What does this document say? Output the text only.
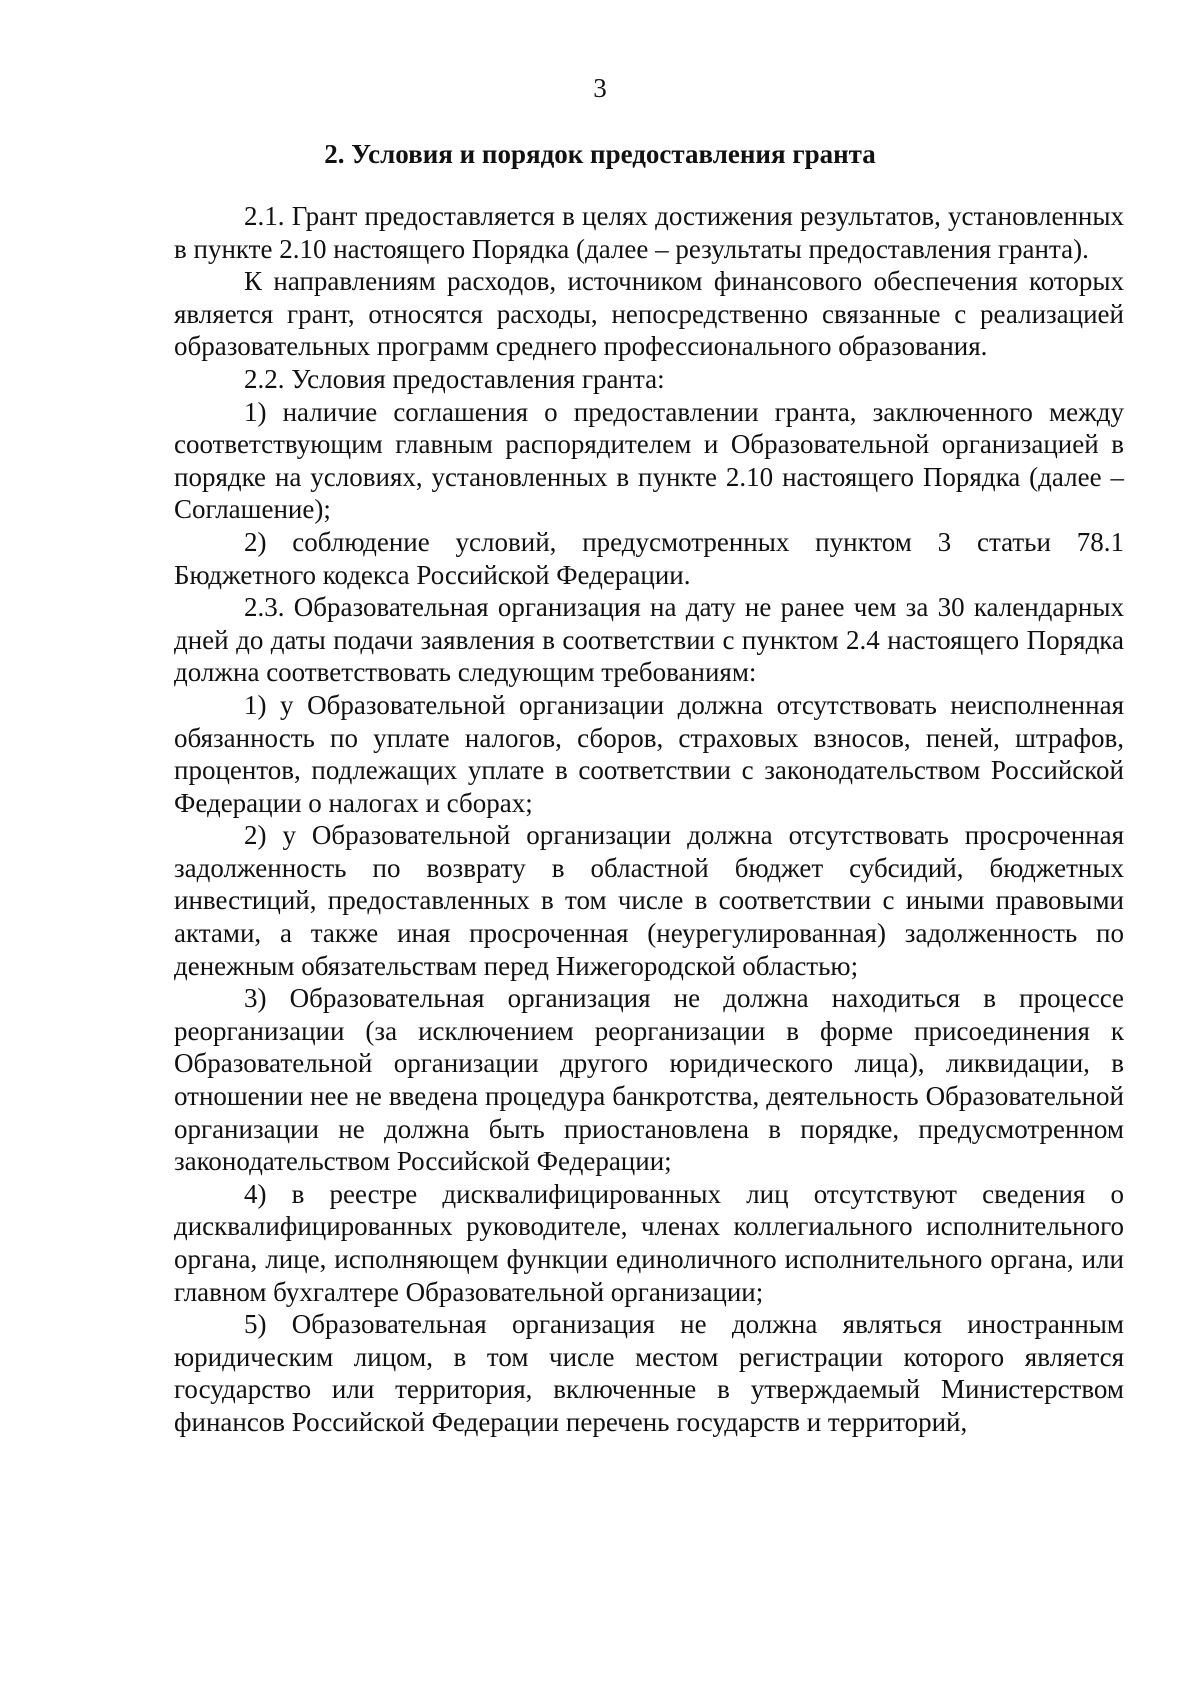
3
2. Условия и порядок предоставления гранта

2.1. Грант предоставляется в целях достижения результатов, установленных в пункте 2.10 настоящего Порядка (далее – результаты предоставления гранта).

К направлениям расходов, источником финансового обеспечения которых является грант, относятся расходы, непосредственно связанные с реализацией образовательных программ среднего профессионального образования.

2.2. Условия предоставления гранта:

1) наличие соглашения о предоставлении гранта, заключенного между соответствующим главным распорядителем и Образовательной организацией в порядке на условиях, установленных в пункте 2.10 настоящего Порядка (далее – Соглашение);

2) соблюдение условий, предусмотренных пунктом 3 статьи 78.1 Бюджетного кодекса Российской Федерации.

2.3. Образовательная организация на дату не ранее чем за 30 календарных дней до даты подачи заявления в соответствии с пунктом 2.4 настоящего Порядка должна соответствовать следующим требованиям:

1) у Образовательной организации должна отсутствовать неисполненная обязанность по уплате налогов, сборов, страховых взносов, пеней, штрафов, процентов, подлежащих уплате в соответствии с законодательством Российской Федерации о налогах и сборах;

2) у Образовательной организации должна отсутствовать просроченная задолженность по возврату в областной бюджет субсидий, бюджетных инвестиций, предоставленных в том числе в соответствии с иными правовыми актами, а также иная просроченная (неурегулированная) задолженность по денежным обязательствам перед Нижегородской областью;

3) Образовательная организация не должна находиться в процессе реорганизации (за исключением реорганизации в форме присоединения к Образовательной организации другого юридического лица), ликвидации, в отношении нее не введена процедура банкротства, деятельность Образовательной организации не должна быть приостановлена в порядке, предусмотренном законодательством Российской Федерации;

4) в реестре дисквалифицированных лиц отсутствуют сведения о дисквалифицированных руководителе, членах коллегиального исполнительного органа, лице, исполняющем функции единоличного исполнительного органа, или главном бухгалтере Образовательной организации;

5) Образовательная организация не должна являться иностранным юридическим лицом, в том числе местом регистрации которого является государство или территория, включенные в утверждаемый Министерством финансов Российской Федерации перечень государств и территорий,
